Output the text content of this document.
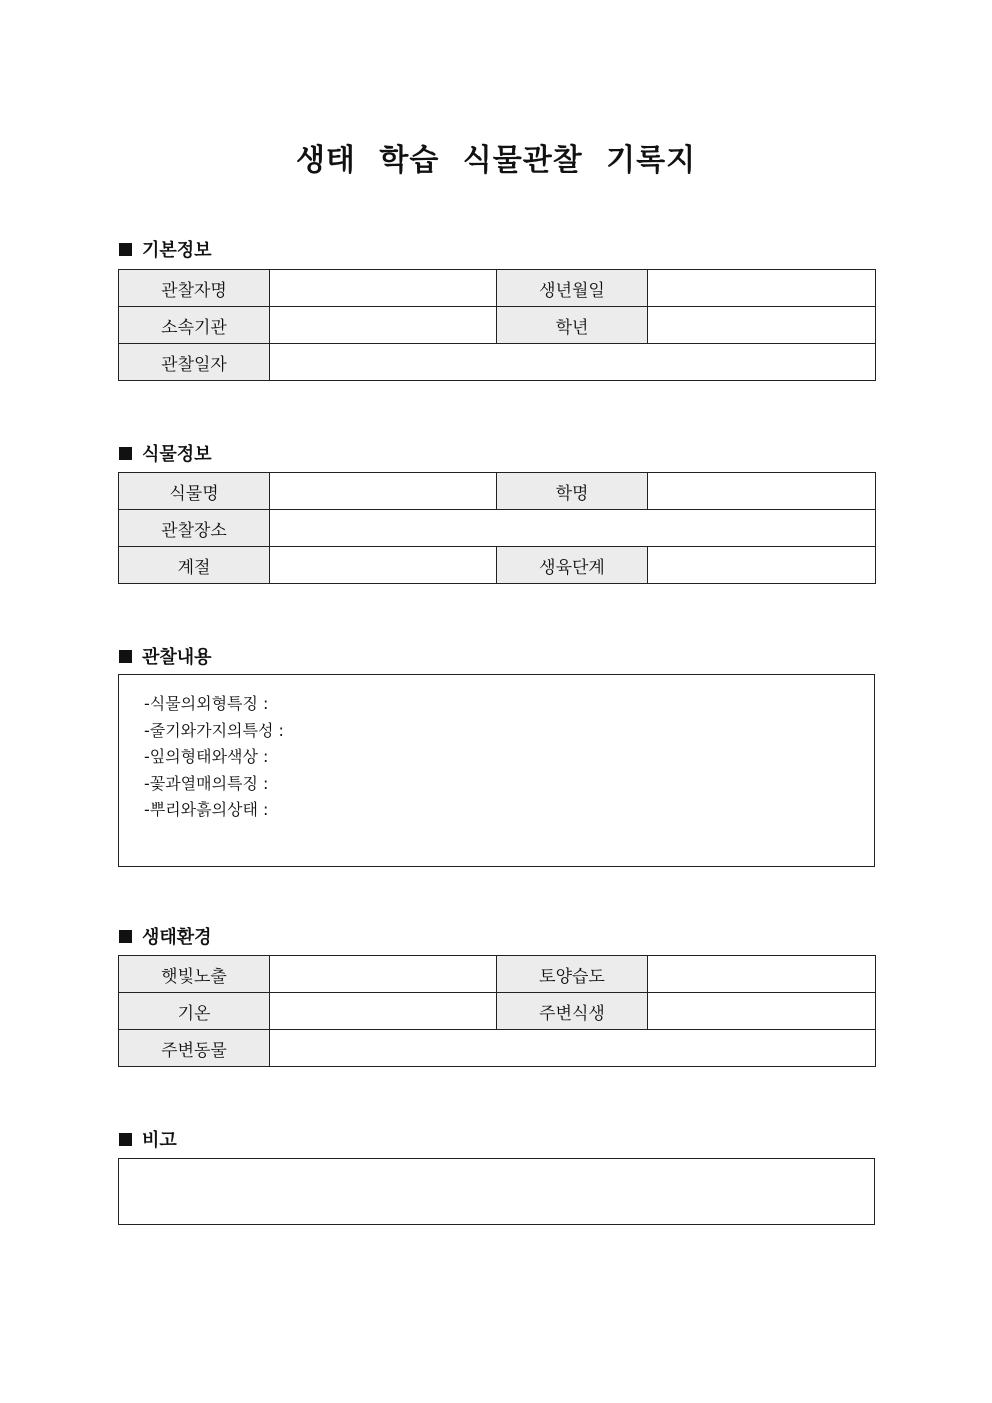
생태 학습 식물관찰 기록지
기본정보
관찰자명		생년월일	
소속기관		학년	
관찰일자			
식물정보
식물명		학명	
관찰장소			
계절		생육단계	
관찰내용
-식물의외형특징 :
-줄기와가지의특성 :
-잎의형태와색상 :
-꽃과열매의특징 :
-뿌리와흙의상태 :
생태환경
햇빛노출		토양습도	
기온		주변식생	
주변동물			
비고
